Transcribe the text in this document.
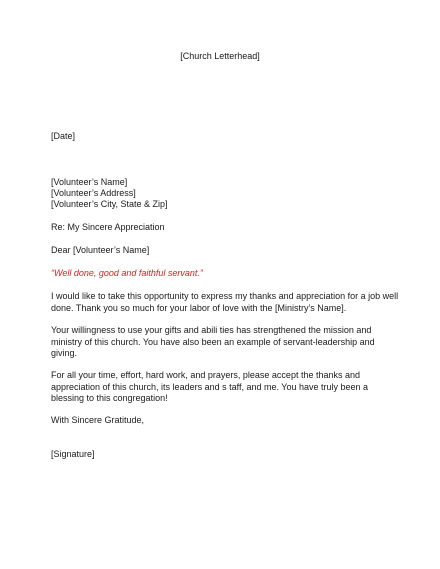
[Church Letterhead]
[Date]
[Volunteer’s Name]
[Volunteer’s Address]
[Volunteer’s City, State & Zip]
Re: My Sincere Appreciation
Dear [Volunteer’s Name]
“Well done, good and faithful servant.”
I would like to take this opportunity to express my thanks and appreciation for a job well
done. Thank you so much for your labor of love with the [Ministry’s Name].
Your willingness to use your gifts and abili ties has strengthened the mission and
ministry of this church. You have also been an example of servant-leadership and
giving.
For all your time, effort, hard work, and prayers, please accept the thanks and
appreciation of this church, its leaders and s taff, and me. You have truly been a
blessing to this congregation!
With Sincere Gratitude,
[Signature]
